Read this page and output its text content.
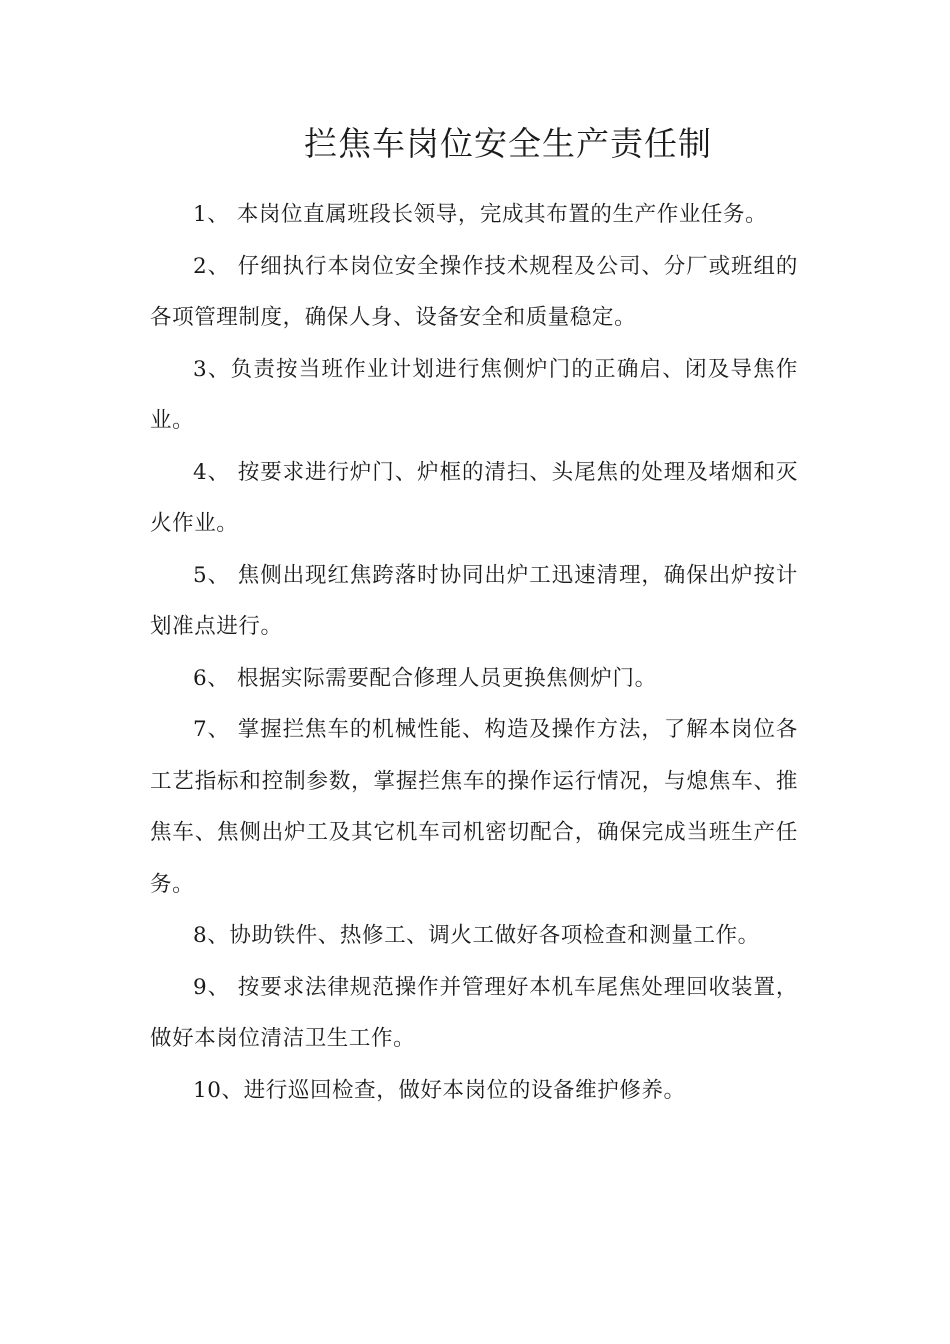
拦焦车岗位安全生产责任制

1、 本岗位直属班段长领导，完成其布置的生产作业任务。

2、 仔细执行本岗位安全操作技术规程及公司、分厂或班组的各项管理制度，确保人身、设备安全和质量稳定。

3、负责按当班作业计划进行焦侧炉门的正确启、闭及导焦作业。

4、 按要求进行炉门、炉框的清扫、头尾焦的处理及堵烟和灭火作业。

5、 焦侧出现红焦跨落时协同出炉工迅速清理，确保出炉按计划准点进行。

6、 根据实际需要配合修理人员更换焦侧炉门。

7、 掌握拦焦车的机械性能、构造及操作方法，了解本岗位各工艺指标和控制参数，掌握拦焦车的操作运行情况，与熄焦车、推焦车、焦侧出炉工及其它机车司机密切配合，确保完成当班生产任务。

8、协助铁件、热修工、调火工做好各项检查和测量工作。

9、 按要求法律规范操作并管理好本机车尾焦处理回收装置，做好本岗位清洁卫生工作。

10、进行巡回检查，做好本岗位的设备维护修养。
